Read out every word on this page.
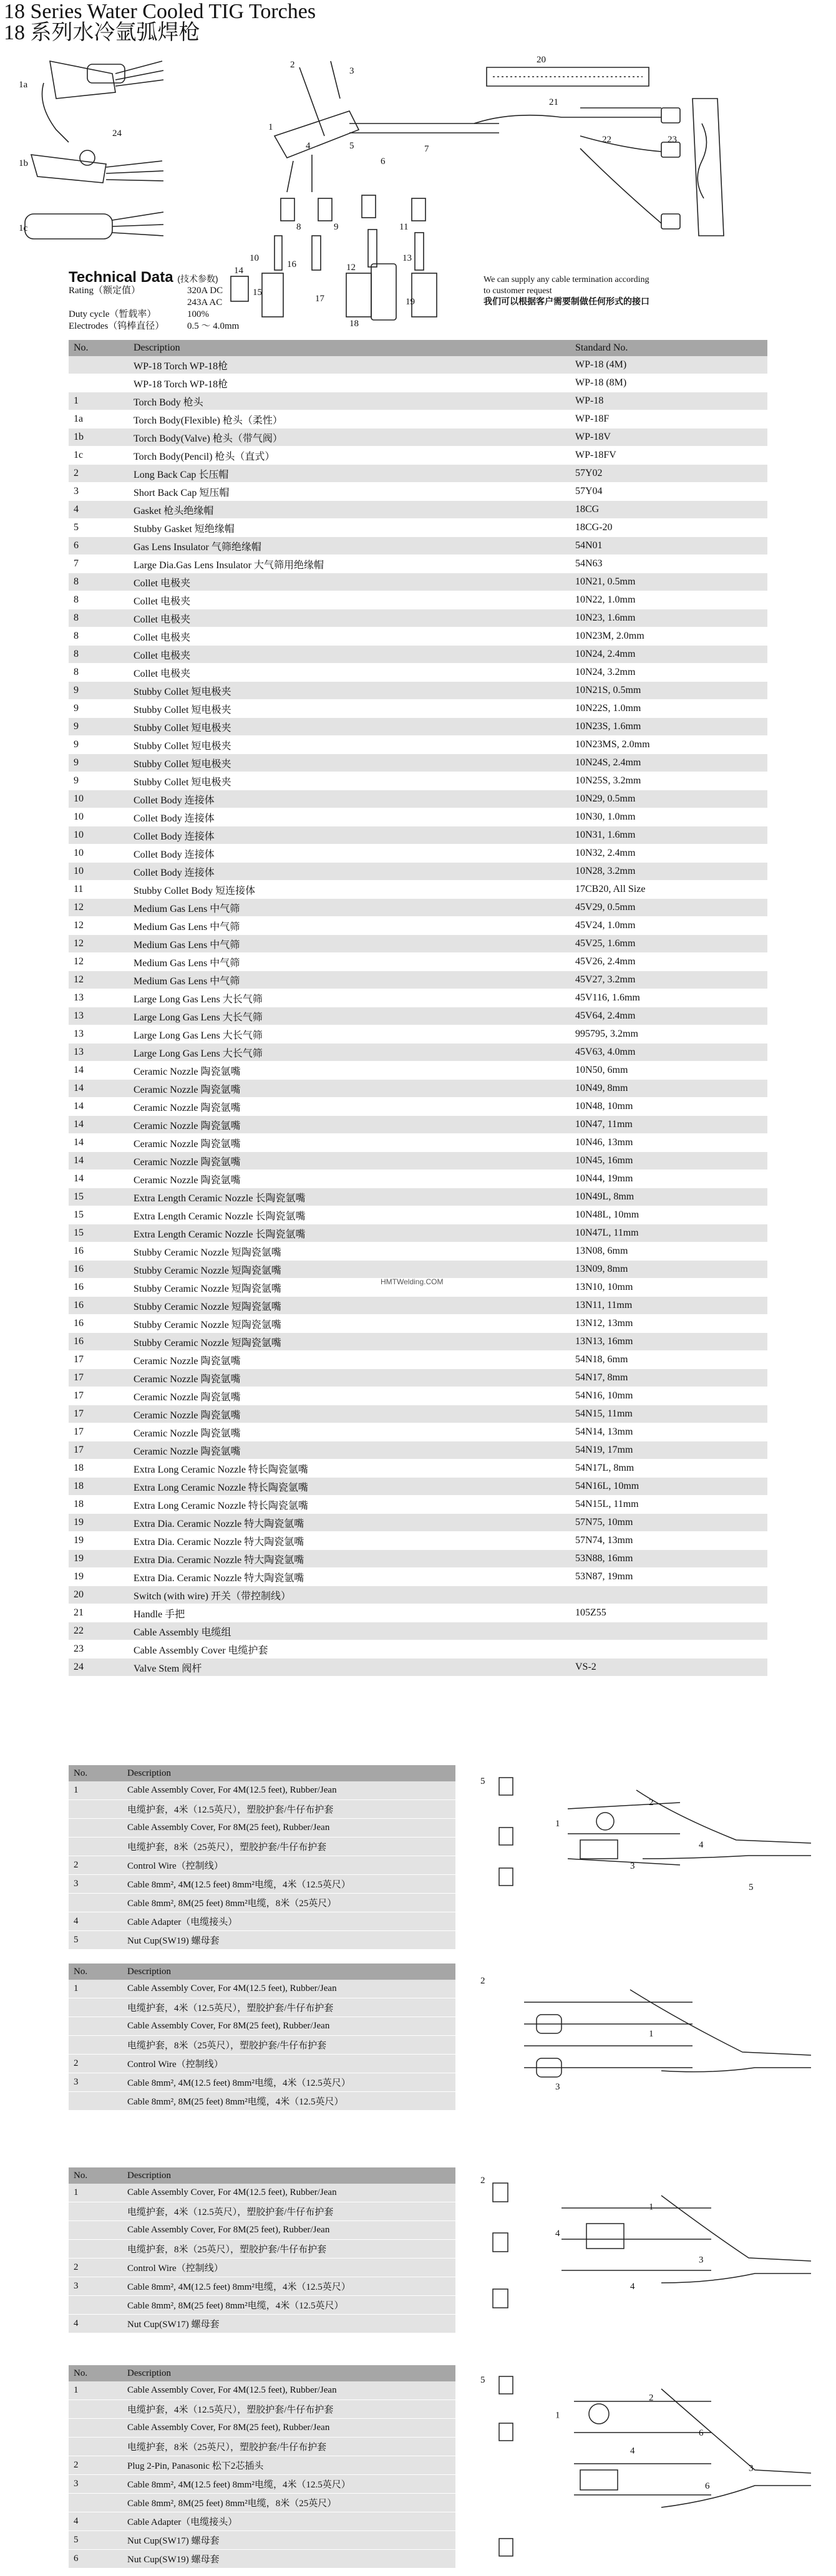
18 Series Water Cooled TIG Torches
18 系列水冷氩弧焊枪
1a
1b
1c
2
3
1
4	5
6
7
8	9
10
11
12
13
14
15
16
17
18
19
20
21
22	23
24
Technical Data (技术参数)
Rating（额定值）	320A DC
243A AC
Duty cycle（暂载率）	100%
Electrodes（钨棒直径）	0.5 ～ 4.0mm
We can supply any cable termination according
to customer request
我们可以根据客户需要制做任何形式的接口
No.	Description	Standard No.
	WP-18 Torch WP-18枪	WP-18 (4M)
	WP-18 Torch WP-18枪	WP-18 (8M)
1	Torch Body 枪头	WP-18
1a	Torch Body(Flexible) 枪头（柔性）	WP-18F
1b	Torch Body(Valve) 枪头（带气阀）	WP-18V
1c	Torch Body(Pencil) 枪头（直式）	WP-18FV
2	Long Back Cap 长压帽	57Y02
3	Short Back Cap 短压帽	57Y04
4	Gasket 枪头绝缘帽	18CG
5	Stubby Gasket 短绝缘帽	18CG-20
6	Gas Lens Insulator 气筛绝缘帽	54N01
7	Large Dia.Gas Lens Insulator 大气筛用绝缘帽	54N63
8	Collet 电极夹	10N21, 0.5mm
8	Collet 电极夹	10N22, 1.0mm
8	Collet 电极夹	10N23, 1.6mm
8	Collet 电极夹	10N23M, 2.0mm
8	Collet 电极夹	10N24, 2.4mm
8	Collet 电极夹	10N24, 3.2mm
9	Stubby Collet 短电极夹	10N21S, 0.5mm
9	Stubby Collet 短电极夹	10N22S, 1.0mm
9	Stubby Collet 短电极夹	10N23S, 1.6mm
9	Stubby Collet 短电极夹	10N23MS, 2.0mm
9	Stubby Collet 短电极夹	10N24S, 2.4mm
9	Stubby Collet 短电极夹	10N25S, 3.2mm
10	Collet Body 连接体	10N29, 0.5mm
10	Collet Body 连接体	10N30, 1.0mm
10	Collet Body 连接体	10N31, 1.6mm
10	Collet Body 连接体	10N32, 2.4mm
10	Collet Body 连接体	10N28, 3.2mm
11	Stubby Collet Body 短连接体	17CB20, All Size
12	Medium Gas Lens 中气筛	45V29, 0.5mm
12	Medium Gas Lens 中气筛	45V24, 1.0mm
12	Medium Gas Lens 中气筛	45V25, 1.6mm
12	Medium Gas Lens 中气筛	45V26, 2.4mm
12	Medium Gas Lens 中气筛	45V27, 3.2mm
13	Large Long Gas Lens 大长气筛	45V116, 1.6mm
13	Large Long Gas Lens 大长气筛	45V64, 2.4mm
13	Large Long Gas Lens 大长气筛	995795, 3.2mm
13	Large Long Gas Lens 大长气筛	45V63, 4.0mm
14	Ceramic Nozzle 陶瓷氩嘴	10N50, 6mm
14	Ceramic Nozzle 陶瓷氩嘴	10N49, 8mm
14	Ceramic Nozzle 陶瓷氩嘴	10N48, 10mm
14	Ceramic Nozzle 陶瓷氩嘴	10N47, 11mm
14	Ceramic Nozzle 陶瓷氩嘴	10N46, 13mm
14	Ceramic Nozzle 陶瓷氩嘴	10N45, 16mm
14	Ceramic Nozzle 陶瓷氩嘴	10N44, 19mm
15	Extra Length Ceramic Nozzle 长陶瓷氩嘴	10N49L, 8mm
15	Extra Length Ceramic Nozzle 长陶瓷氩嘴	10N48L, 10mm
15	Extra Length Ceramic Nozzle 长陶瓷氩嘴	10N47L, 11mm
16	Stubby Ceramic Nozzle 短陶瓷氩嘴	13N08, 6mm
16	Stubby Ceramic Nozzle 短陶瓷氩嘴	13N09, 8mm
16	Stubby Ceramic Nozzle 短陶瓷氩嘴	13N10, 10mm
16	Stubby Ceramic Nozzle 短陶瓷氩嘴	13N11, 11mm
16	Stubby Ceramic Nozzle 短陶瓷氩嘴	13N12, 13mm
16	Stubby Ceramic Nozzle 短陶瓷氩嘴	13N13, 16mm
17	Ceramic Nozzle 陶瓷氩嘴	54N18, 6mm
17	Ceramic Nozzle 陶瓷氩嘴	54N17, 8mm
17	Ceramic Nozzle 陶瓷氩嘴	54N16, 10mm
17	Ceramic Nozzle 陶瓷氩嘴	54N15, 11mm
17	Ceramic Nozzle 陶瓷氩嘴	54N14, 13mm
17	Ceramic Nozzle 陶瓷氩嘴	54N19, 17mm
18	Extra Long Ceramic Nozzle 特长陶瓷氩嘴	54N17L, 8mm
18	Extra Long Ceramic Nozzle 特长陶瓷氩嘴	54N16L, 10mm
18	Extra Long Ceramic Nozzle 特长陶瓷氩嘴	54N15L, 11mm
19	Extra Dia. Ceramic Nozzle 特大陶瓷氩嘴	57N75, 10mm
19	Extra Dia. Ceramic Nozzle 特大陶瓷氩嘴	57N74, 13mm
19	Extra Dia. Ceramic Nozzle 特大陶瓷氩嘴	53N88, 16mm
19	Extra Dia. Ceramic Nozzle 特大陶瓷氩嘴	53N87, 19mm
20	Switch (with wire) 开关（带控制线）	
21	Handle 手把	105Z55
22	Cable Assembly 电缆组	
23	Cable Assembly Cover 电缆护套	
24	Valve Stem 阀杆	VS-2
HMTWelding.COM
No.	Description
1	Cable Assembly Cover, For 4M(12.5 feet), Rubber/Jean
	电缆护套，4米（12.5英尺），塑胶护套/牛仔布护套
	Cable Assembly Cover, For 8M(25 feet), Rubber/Jean
	电缆护套，8米（25英尺），塑胶护套/牛仔布护套
2	Control Wire（控制线）
3	Cable 8mm², 4M(12.5 feet) 8mm²电缆，4米（12.5英尺）
	Cable 8mm², 8M(25 feet) 8mm²电缆，8米（25英尺）
4	Cable Adapter（电缆接头）
5	Nut Cup(SW19) 螺母套
No.	Description
1	Cable Assembly Cover, For 4M(12.5 feet), Rubber/Jean
	电缆护套，4米（12.5英尺），塑胶护套/牛仔布护套
	Cable Assembly Cover, For 8M(25 feet), Rubber/Jean
	电缆护套，8米（25英尺），塑胶护套/牛仔布护套
2	Control Wire（控制线）
3	Cable 8mm², 4M(12.5 feet) 8mm²电缆，4米（12.5英尺）
	Cable 8mm², 8M(25 feet) 8mm²电缆，4米（12.5英尺）
No.	Description
1	Cable Assembly Cover, For 4M(12.5 feet), Rubber/Jean
	电缆护套，4米（12.5英尺），塑胶护套/牛仔布护套
	Cable Assembly Cover, For 8M(25 feet), Rubber/Jean
	电缆护套，8米（25英尺），塑胶护套/牛仔布护套
2	Control Wire（控制线）
3	Cable 8mm², 4M(12.5 feet) 8mm²电缆，4米（12.5英尺）
	Cable 8mm², 8M(25 feet) 8mm²电缆，4米（12.5英尺）
4	Nut Cup(SW17) 螺母套
No.	Description
1	Cable Assembly Cover, For 4M(12.5 feet), Rubber/Jean
	电缆护套，4米（12.5英尺），塑胶护套/牛仔布护套
	Cable Assembly Cover, For 8M(25 feet), Rubber/Jean
	电缆护套，8米（25英尺），塑胶护套/牛仔布护套
2	Plug 2-Pin, Panasonic 松下2芯插头
3	Cable 8mm², 4M(12.5 feet) 8mm²电缆，4米（12.5英尺）
	Cable 8mm², 8M(25 feet) 8mm²电缆，8米（25英尺）
4	Cable Adapter（电缆接头）
5	Nut Cup(SW17) 螺母套
6	Nut Cup(SW19) 螺母套
5
2
1
4
3
5
2
1
3
2
1
4
3
4
5
2
1
6
4
3
6
